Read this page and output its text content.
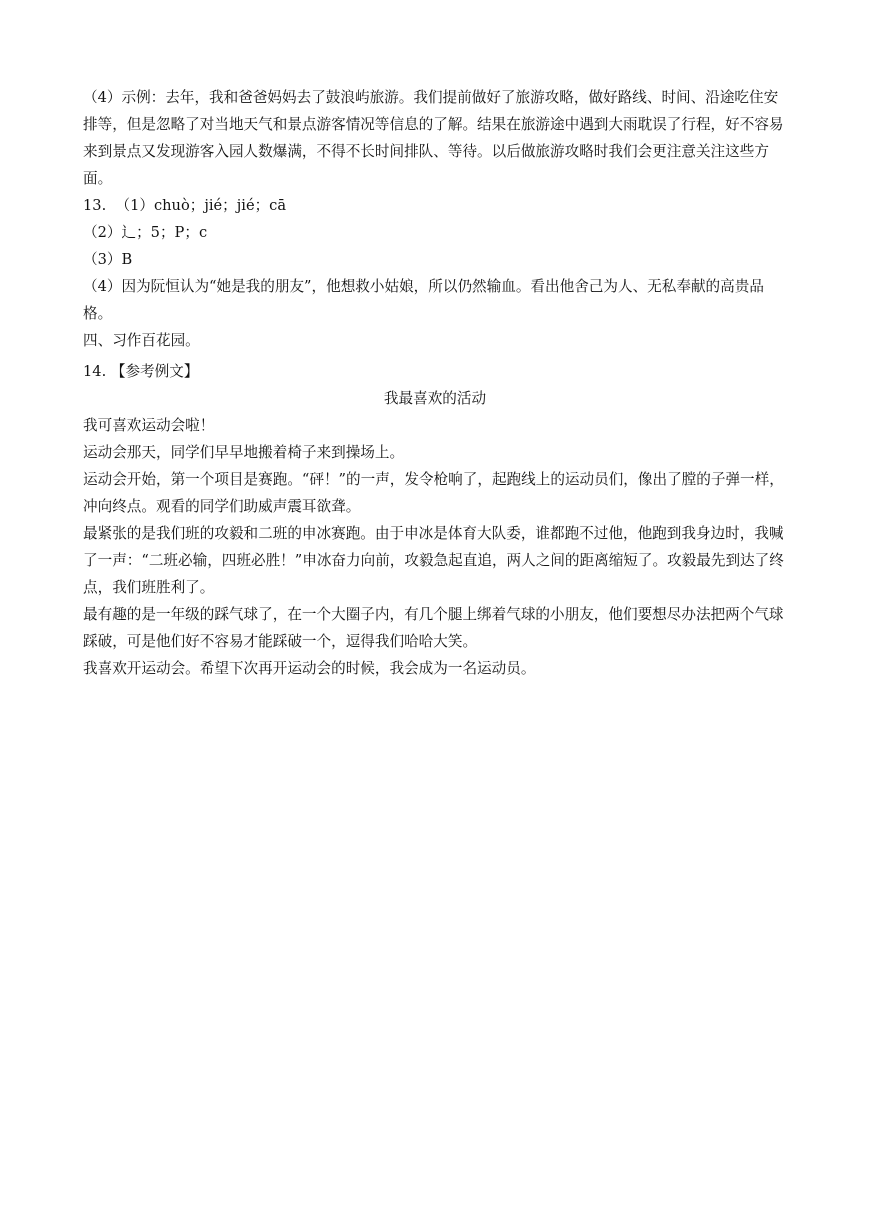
（4）示例：去年，我和爸爸妈妈去了鼓浪屿旅游。我们提前做好了旅游攻略，做好路线、时间、沿途吃住安排等，但是忽略了对当地天气和景点游客情况等信息的了解。结果在旅游途中遇到大雨耽误了行程，好不容易来到景点又发现游客入园人数爆满，不得不长时间排队、等待。以后做旅游攻略时我们会更注意关注这些方面。

13. （1）chuò；jié；jié；cā

（2）辶；5；P；c

（3）B

（4）因为阮恒认为“她是我的朋友”，他想救小姑娘，所以仍然输血。看出他舍己为人、无私奉献的高贵品格。

四、习作百花园。

14. 【参考例文】

我最喜欢的活动

我可喜欢运动会啦！

运动会那天，同学们早早地搬着椅子来到操场上。

运动会开始，第一个项目是赛跑。“砰！”的一声，发令枪响了，起跑线上的运动员们，像出了膛的子弹一样，冲向终点。观看的同学们助威声震耳欲聋。

最紧张的是我们班的攻毅和二班的申冰赛跑。由于申冰是体育大队委，谁都跑不过他，他跑到我身边时，我喊了一声：“二班必输，四班必胜！”申冰奋力向前，攻毅急起直追，两人之间的距离缩短了。攻毅最先到达了终点，我们班胜利了。

最有趣的是一年级的踩气球了，在一个大圈子内，有几个腿上绑着气球的小朋友，他们要想尽办法把两个气球踩破，可是他们好不容易才能踩破一个，逗得我们哈哈大笑。

我喜欢开运动会。希望下次再开运动会的时候，我会成为一名运动员。
